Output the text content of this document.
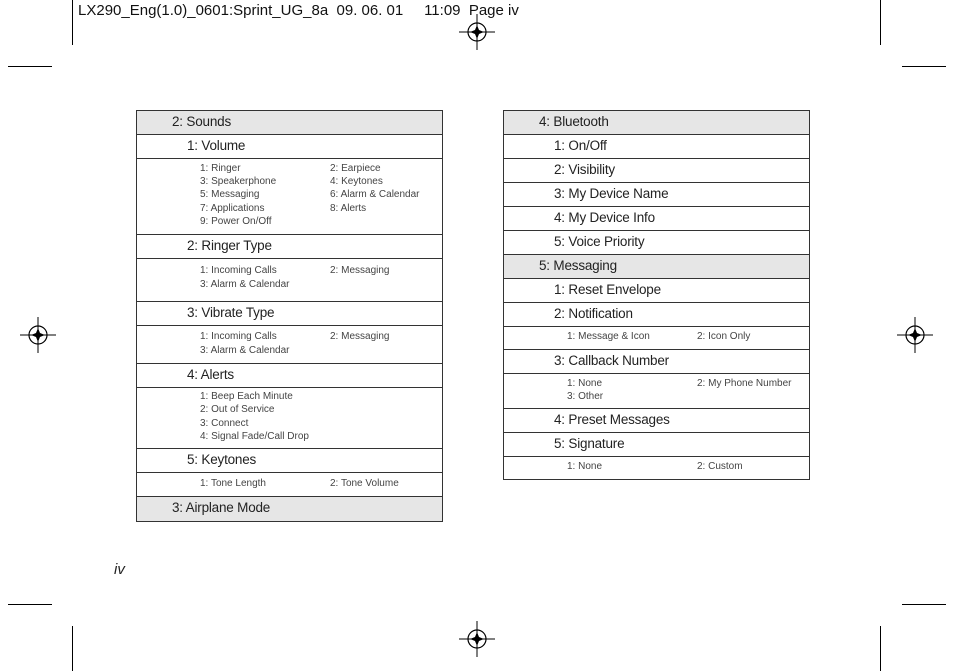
LX290_Eng(1.0)_0601:Sprint_UG_8a  09. 06. 01     11:09  Page iv
2: Sounds
1: Volume
1: Ringer	2: Earpiece
3: Speakerphone	4: Keytones
5: Messaging	6: Alarm & Calendar
7: Applications	8: Alerts
9: Power On/Off
2: Ringer Type
1: Incoming Calls	2: Messaging
3: Alarm & Calendar
3: Vibrate Type
1: Incoming Calls	2: Messaging
3: Alarm & Calendar
4: Alerts
1: Beep Each Minute
2: Out of Service
3: Connect
4: Signal Fade/Call Drop
5: Keytones
1: Tone Length	2: Tone Volume
3: Airplane Mode
4: Bluetooth
1: On/Off
2: Visibility
3: My Device Name
4: My Device Info
5: Voice Priority
5: Messaging
1: Reset Envelope
2: Notification
1: Message & Icon	2: Icon Only
3: Callback Number
1: None	2: My Phone Number
3: Other
4: Preset Messages
5: Signature
1: None	2: Custom
iv
